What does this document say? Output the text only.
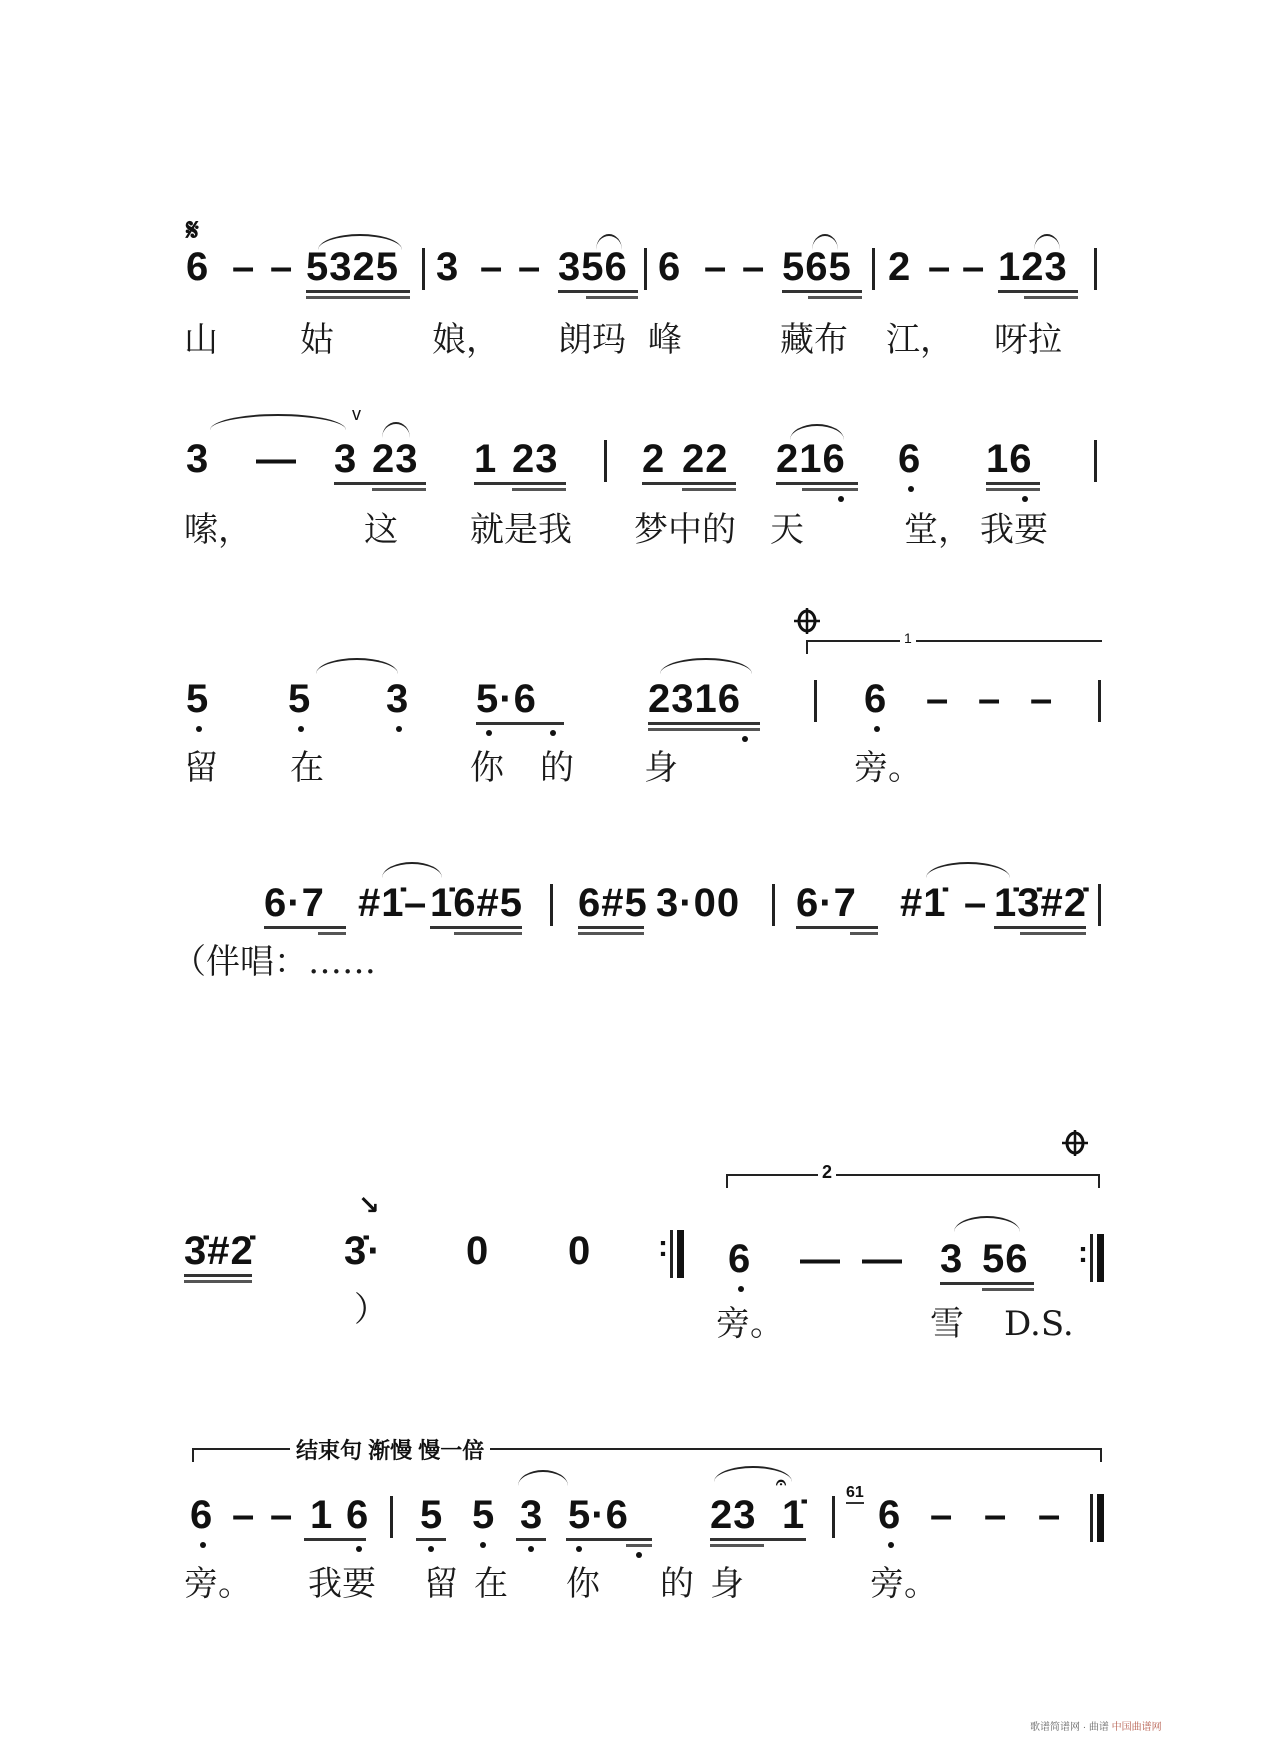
𝄋
6 – – 5325 3 – – 356 6 – – 565 2 – – 123
山 姑	娘， 朗玛 峰	藏布 江， 呀拉
v
3 — 3 23 1 23 2 22 216 6 16
嗦，	这 就是我 梦中的 天	堂， 我要
1
5 5 3 5·6	2316	6 – – –
留 在	你 的 身	旁。
6·7 #1̇ – 1̇6#5 6#5 3·00 6·7 #1̇ – 1̇3̇#2̇
（伴唱：……
2
3̇#2̇ 3̇·
↘
0 0 : 6 — — 3 56 :
）	旁。	雪 D.S.
结束句 渐慢 慢一倍
6 – – 1 6 5 5 3 5·6
𝄐
23 1̇
61
6 – – –
旁。 我要 留 在 你 的 身	旁。
歌谱简谱网 · 曲谱 中国曲谱网
